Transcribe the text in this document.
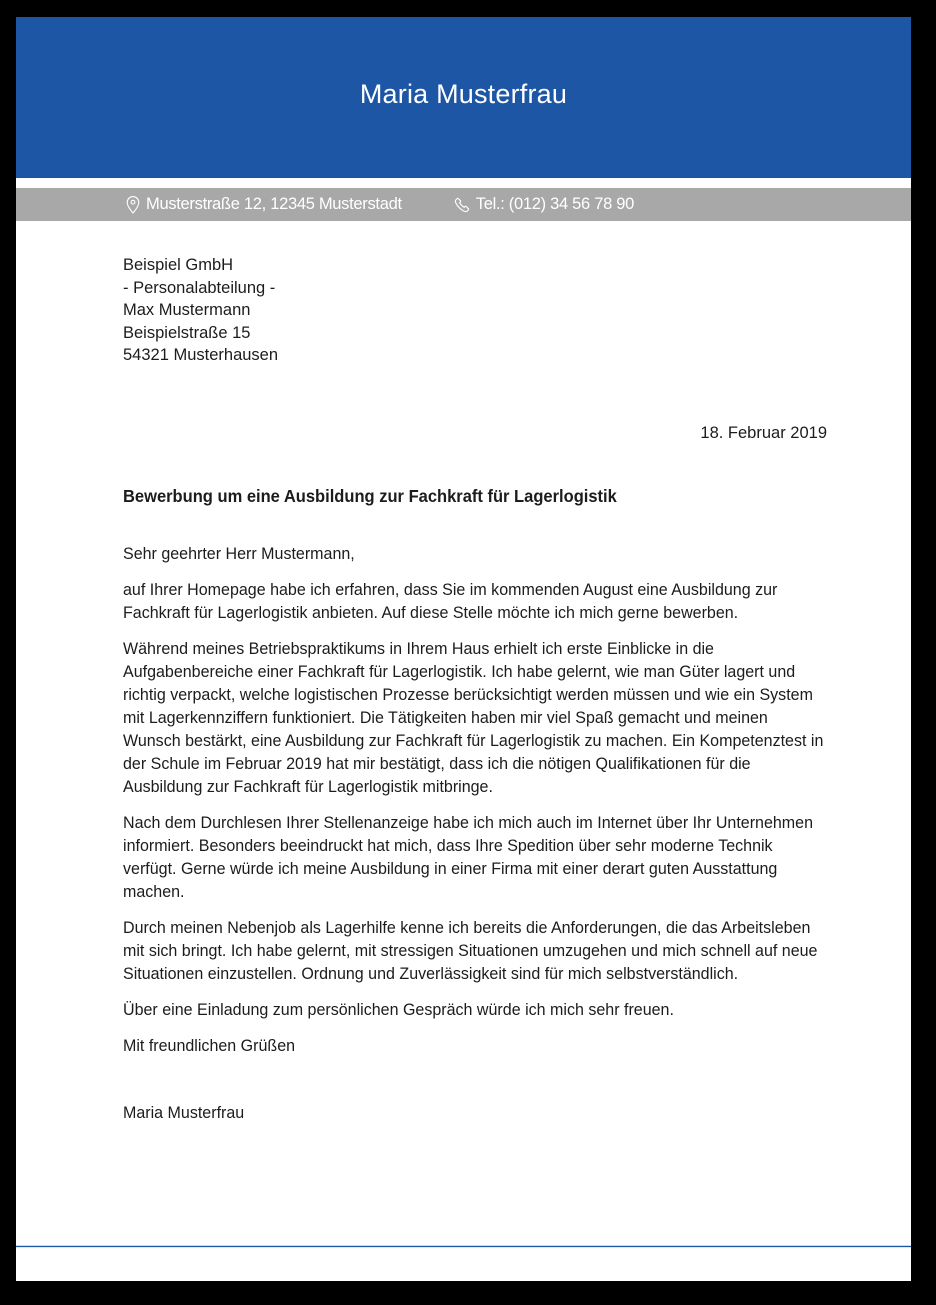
Maria Musterfrau
Musterstraße 12, 12345 Musterstadt	Tel.: (012) 34 56 78 90
Beispiel GmbH
- Personalabteilung -
Max Mustermann
Beispielstraße 15
54321 Musterhausen
18. Februar 2019
Bewerbung um eine Ausbildung zur Fachkraft für Lagerlogistik
Sehr geehrter Herr Mustermann,

auf Ihrer Homepage habe ich erfahren, dass Sie im kommenden August eine Ausbildung zur Fachkraft für Lagerlogistik anbieten. Auf diese Stelle möchte ich mich gerne bewerben.

Während meines Betriebspraktikums in Ihrem Haus erhielt ich erste Einblicke in die Aufgabenbereiche einer Fachkraft für Lagerlogistik. Ich habe gelernt, wie man Güter lagert und richtig verpackt, welche logistischen Prozesse berücksichtigt werden müssen und wie ein System mit Lagerkennziffern funktioniert. Die Tätigkeiten haben mir viel Spaß gemacht und meinen Wunsch bestärkt, eine Ausbildung zur Fachkraft für Lagerlogistik zu machen. Ein Kompetenztest in der Schule im Februar 2019 hat mir bestätigt, dass ich die nötigen Qualifikationen für die Ausbildung zur Fachkraft für Lagerlogistik mitbringe.

Nach dem Durchlesen Ihrer Stellenanzeige habe ich mich auch im Internet über Ihr Unternehmen informiert. Besonders beeindruckt hat mich, dass Ihre Spedition über sehr moderne Technik verfügt. Gerne würde ich meine Ausbildung in einer Firma mit einer derart guten Ausstattung machen.

Durch meinen Nebenjob als Lagerhilfe kenne ich bereits die Anforderungen, die das Arbeitsleben mit sich bringt. Ich habe gelernt, mit stressigen Situationen umzugehen und mich schnell auf neue Situationen einzustellen. Ordnung und Zuverlässigkeit sind für mich selbstverständlich.

Über eine Einladung zum persönlichen Gespräch würde ich mich sehr freuen.

Mit freundlichen Grüßen
Maria Musterfrau
